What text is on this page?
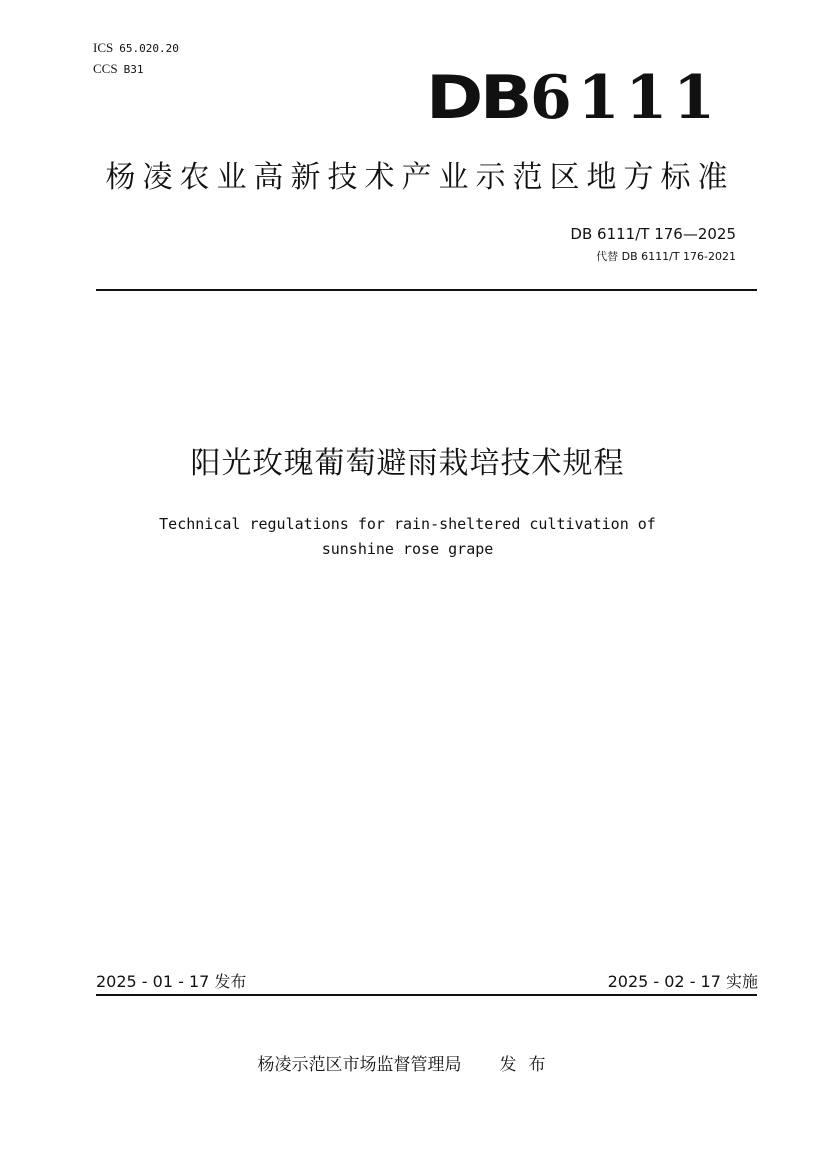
ICS 65.020.20
CCS B31	DB 6111
杨凌农业高新技术产业示范区地方标准
DB 6111/T 176—2025
代替 DB 6111/T 176-2021
阳光玫瑰葡萄避雨栽培技术规程
Technical regulations for rain-sheltered cultivation of
sunshine rose grape
2025 - 01 - 17 发布	2025 - 02 - 17 实施
杨凌示范区市场监督管理局 发布
